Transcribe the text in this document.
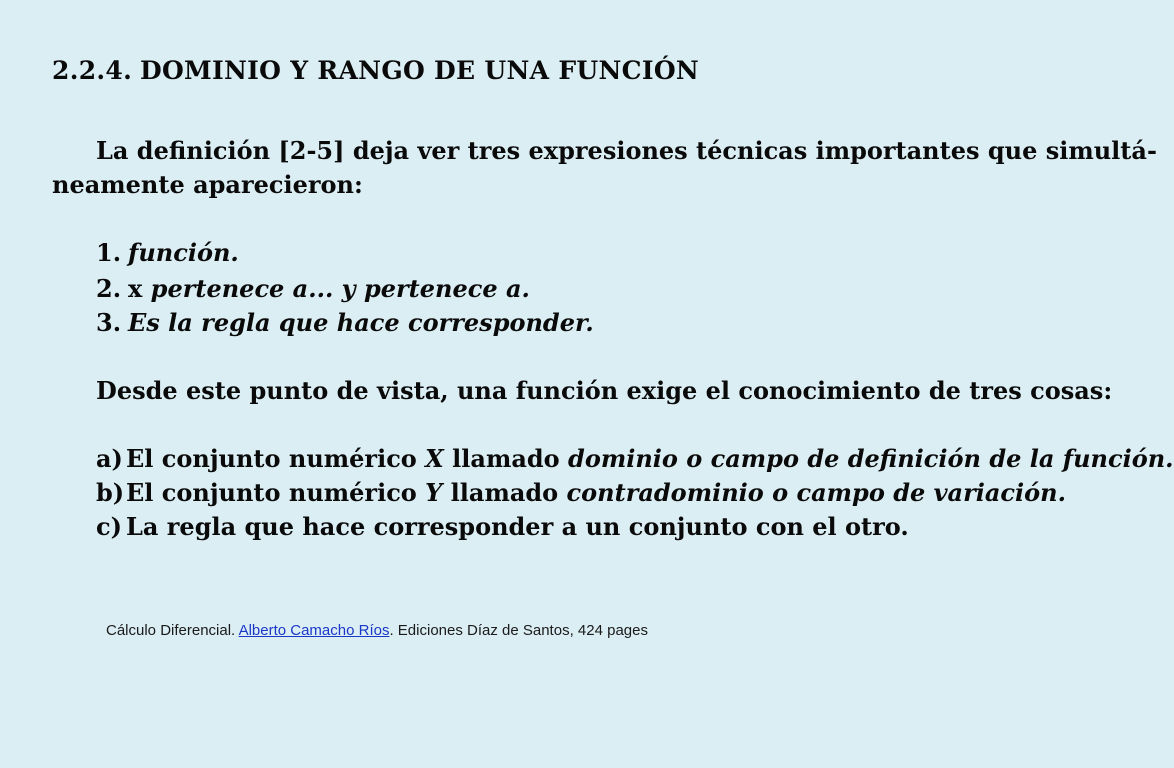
2.2.4. DOMINIO Y RANGO DE UNA FUNCIÓN
La definición [2-5] deja ver tres expresiones técnicas importantes que simultá-
neamente aparecieron:
1. función.
2. x pertenece a... y pertenece a.
3. Es la regla que hace corresponder.
Desde este punto de vista, una función exige el conocimiento de tres cosas:
a) El conjunto numérico X llamado dominio o campo de definición de la función.
b)El conjunto numérico Y llamado contradominio o campo de variación.
c) La regla que hace corresponder a un conjunto con el otro.
Cálculo Diferencial. Alberto Camacho Ríos. Ediciones Díaz de Santos, 424 pages
